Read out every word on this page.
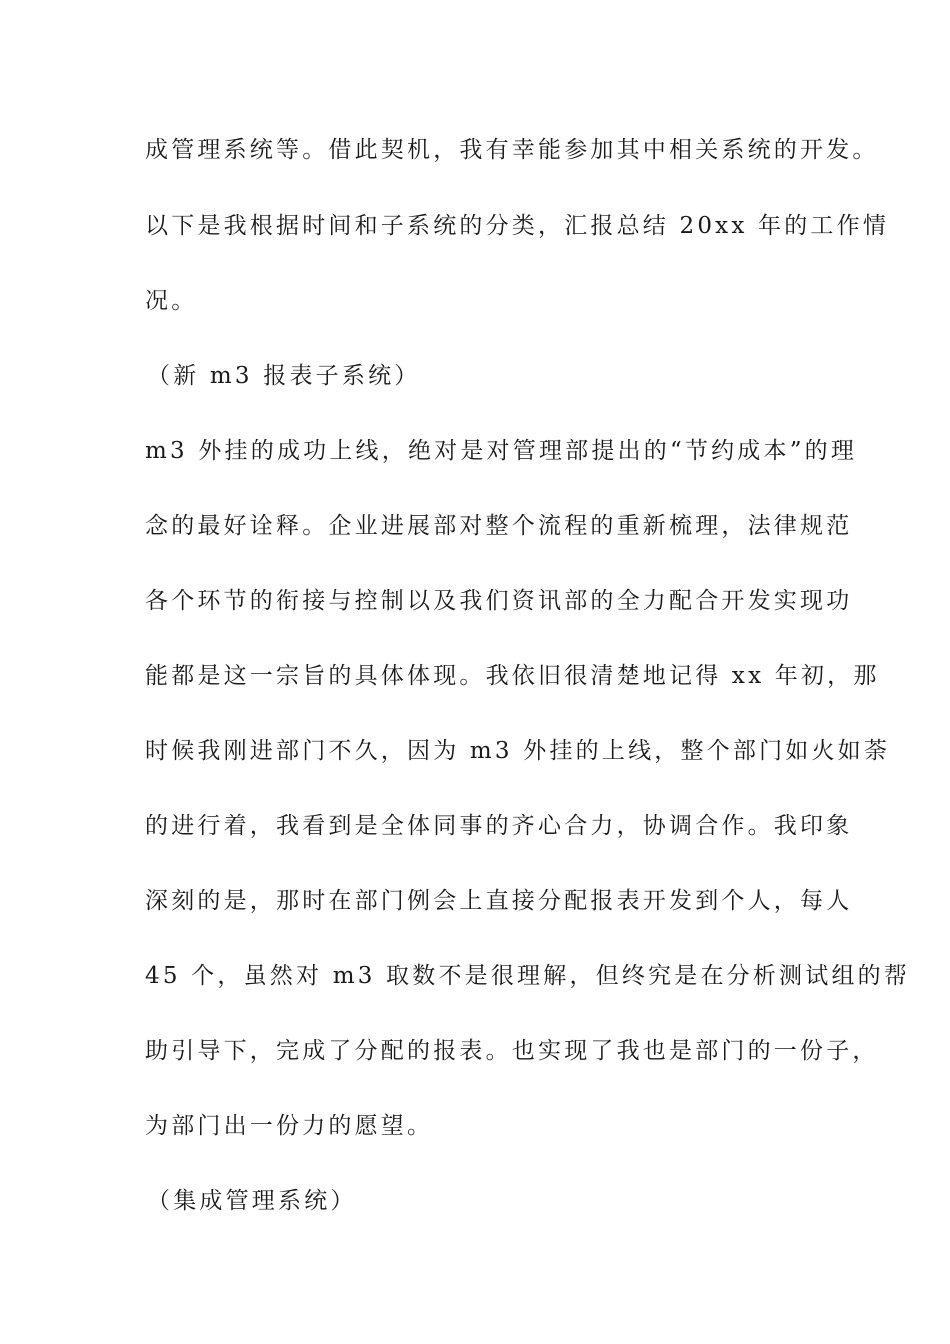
成管理系统等。借此契机，我有幸能参加其中相关系统的开发。
以下是我根据时间和子系统的分类，汇报总结 20xx 年的工作情
况。
（新 m3 报表子系统）
m3 外挂的成功上线，绝对是对管理部提出的“节约成本”的理
念的最好诠释。企业进展部对整个流程的重新梳理，法律规范
各个环节的衔接与控制以及我们资讯部的全力配合开发实现功
能都是这一宗旨的具体体现。我依旧很清楚地记得 xx 年初，那
时候我刚进部门不久，因为 m3 外挂的上线，整个部门如火如荼
的进行着，我看到是全体同事的齐心合力，协调合作。我印象
深刻的是，那时在部门例会上直接分配报表开发到个人，每人
45 个，虽然对 m3 取数不是很理解，但终究是在分析测试组的帮
助引导下，完成了分配的报表。也实现了我也是部门的一份子，
为部门出一份力的愿望。
（集成管理系统）
